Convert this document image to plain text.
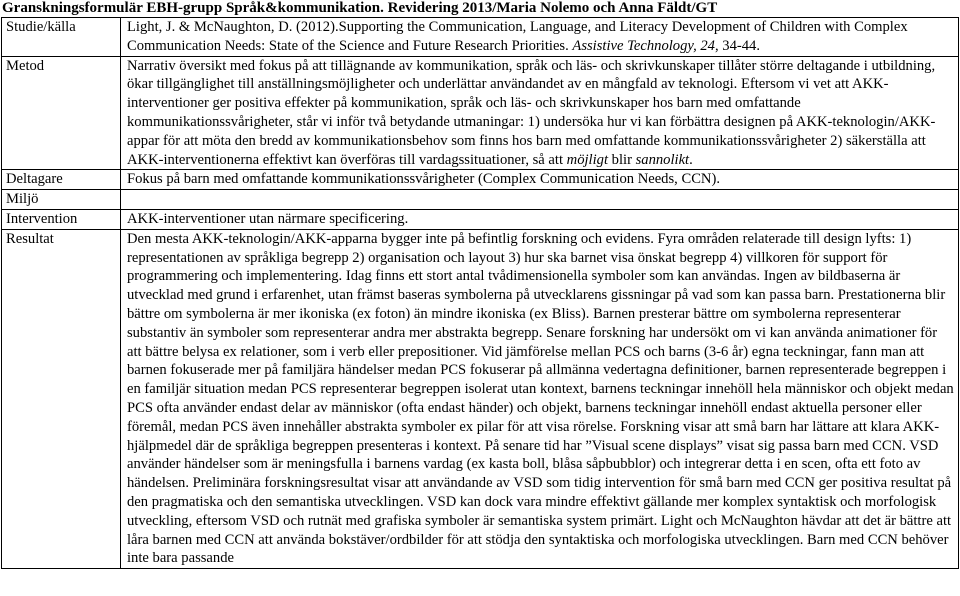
Granskningsformulär EBH-grupp Språk&kommunikation. Revidering 2013/Maria Nolemo och Anna Fäldt/GT
Studie/källa	Light, J. & McNaughton, D. (2012).Supporting the Communication, Language, and Literacy Development of Children with Complex Communication Needs: State of the Science and Future Research Priorities. Assistive Technology, 24, 34-44.
Metod	Narrativ översikt med fokus på att tillägnande av kommunikation, språk och läs- och skrivkunskaper tillåter större deltagande i utbildning, ökar tillgänglighet till anställningsmöjligheter och underlättar användandet av en mångfald av teknologi. Eftersom vi vet att AKK-interventioner ger positiva effekter på kommunikation, språk och läs- och skrivkunskaper hos barn med omfattande kommunikationssvårigheter, står vi inför två betydande utmaningar: 1) undersöka hur vi kan förbättra designen på AKK-teknologin/AKK-appar för att möta den bredd av kommunikationsbehov som finns hos barn med omfattande kommunikationssvårigheter 2) säkerställa att AKK-interventionerna effektivt kan överföras till vardagssituationer, så att möjligt blir sannolikt.
Deltagare	Fokus på barn med omfattande kommunikationssvårigheter (Complex Communication Needs, CCN).
Miljö	
Intervention	AKK-interventioner utan närmare specificering.
Resultat	Den mesta AKK-teknologin/AKK-apparna bygger inte på befintlig forskning och evidens. Fyra områden relaterade till design lyfts: 1) representationen av språkliga begrepp 2) organisation och layout 3) hur ska barnet visa önskat begrepp 4) villkoren för support för programmering och implementering. Idag finns ett stort antal tvådimensionella symboler som kan användas. Ingen av bildbaserna är utvecklad med grund i erfarenhet, utan främst baseras symbolerna på utvecklarens gissningar på vad som kan passa barn. Prestationerna blir bättre om symbolerna är mer ikoniska (ex foton) än mindre ikoniska (ex Bliss). Barnen presterar bättre om symbolerna representerar substantiv än symboler som representerar andra mer abstrakta begrepp. Senare forskning har undersökt om vi kan använda animationer för att bättre belysa ex relationer, som i verb eller prepositioner. Vid jämförelse mellan PCS och barns (3-6 år) egna teckningar, fann man att barnen fokuserade mer på familjära händelser medan PCS fokuserar på allmänna vedertagna definitioner, barnen representerade begreppen i en familjär situation medan PCS representerar begreppen isolerat utan kontext, barnens teckningar innehöll hela människor och objekt medan PCS ofta använder endast delar av människor (ofta endast händer) och objekt, barnens teckningar innehöll endast aktuella personer eller föremål, medan PCS även innehåller abstrakta symboler ex pilar för att visa rörelse. Forskning visar att små barn har lättare att klara AKK-hjälpmedel där de språkliga begreppen presenteras i kontext. På senare tid har ”Visual scene displays” visat sig passa barn med CCN. VSD använder händelser som är meningsfulla i barnens vardag (ex kasta boll, blåsa såpbubblor) och integrerar detta i en scen, ofta ett foto av händelsen. Preliminära forskningsresultat visar att användande av VSD som tidig intervention för små barn med CCN ger positiva resultat på den pragmatiska och den semantiska utvecklingen. VSD kan dock vara mindre effektivt gällande mer komplex syntaktisk och morfologisk utveckling, eftersom VSD och rutnät med grafiska symboler är semantiska system primärt. Light och McNaughton hävdar att det är bättre att låra barnen med CCN att använda bokstäver/ordbilder för att stödja den syntaktiska och morfologiska utvecklingen. Barn med CCN behöver inte bara passande
